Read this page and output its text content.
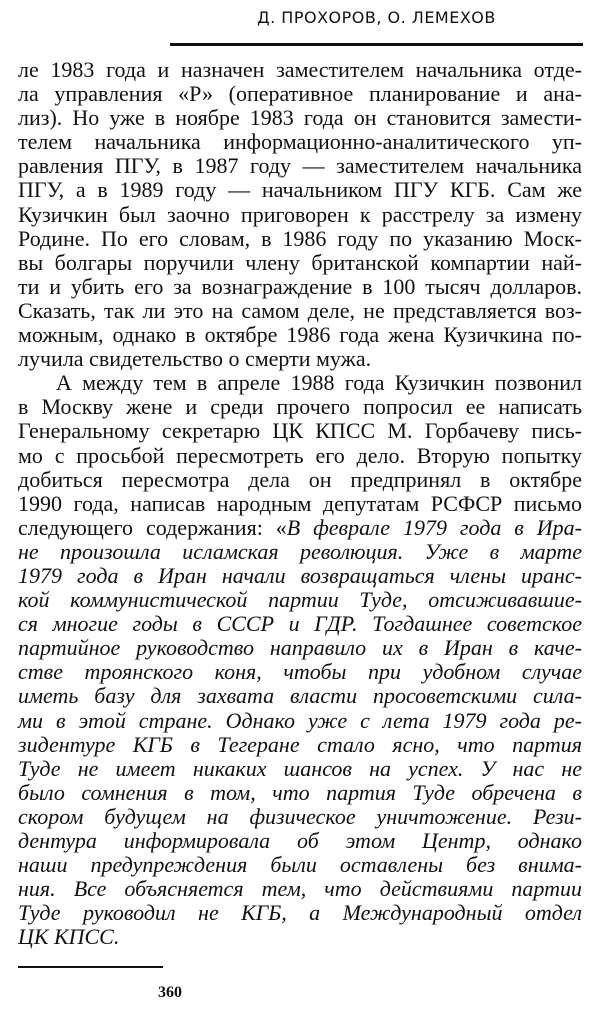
Д. ПРОХОРОВ, О. ЛЕМЕХОВ
ле 1983 года и назначен заместителем начальника отде-
ла управления «Р» (оперативное планирование и ана-
лиз). Но уже в ноябре 1983 года он становится замести-
телем начальника информационно-аналитического уп-
равления ПГУ, в 1987 году — заместителем начальника
ПГУ, а в 1989 году — начальником ПГУ КГБ. Сам же
Кузичкин был заочно приговорен к расстрелу за измену
Родине. По его словам, в 1986 году по указанию Моск-
вы болгары поручили члену британской компартии най-
ти и убить его за вознаграждение в 100 тысяч долларов.
Сказать, так ли это на самом деле, не представляется воз-
можным, однако в октябре 1986 года жена Кузичкина по-
лучила свидетельство о смерти мужа.
А между тем в апреле 1988 года Кузичкин позвонил
в Москву жене и среди прочего попросил ее написать
Генеральному секретарю ЦК КПСС М. Горбачеву пись-
мо с просьбой пересмотреть его дело. Вторую попытку
добиться пересмотра дела он предпринял в октябре
1990 года, написав народным депутатам РСФСР письмо
следующего содержания: «В феврале 1979 года в Ира-
не произошла исламская революция. Уже в марте
1979 года в Иран начали возвращаться члены иранс-
кой коммунистической партии Туде, отсиживавшие-
ся многие годы в СССР и ГДР. Тогдашнее советское
партийное руководство направило их в Иран в каче-
стве троянского коня, чтобы при удобном случае
иметь базу для захвата власти просоветскими сила-
ми в этой стране. Однако уже с лета 1979 года ре-
зидентуре КГБ в Тегеране стало ясно, что партия
Туде не имеет никаких шансов на успех. У нас не
было сомнения в том, что партия Туде обречена в
скором будущем на физическое уничтожение. Рези-
дентура информировала об этом Центр, однако
наши предупреждения были оставлены без внима-
ния. Все объясняется тем, что действиями партии
Туде руководил не КГБ, а Международный отдел
ЦК КПСС.
360
